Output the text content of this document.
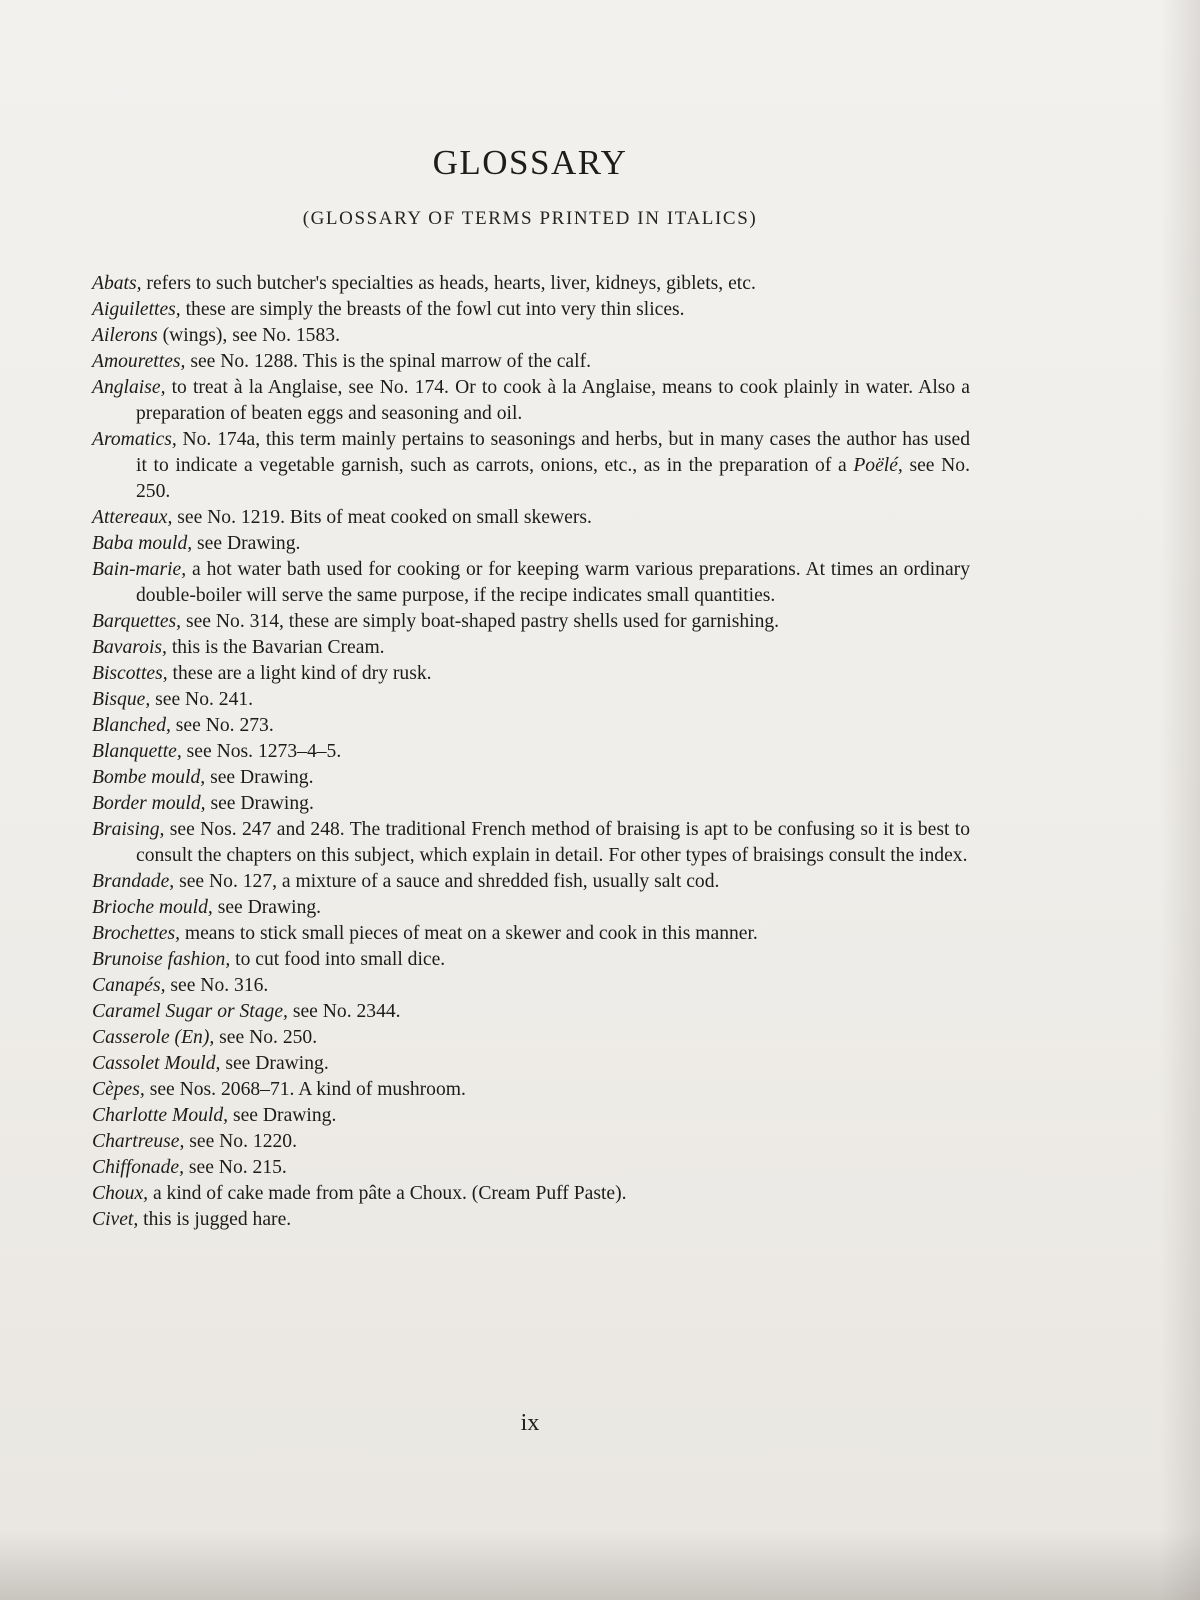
GLOSSARY
(GLOSSARY OF TERMS PRINTED IN ITALICS)

Abats, refers to such butcher's specialties as heads, hearts, liver, kidneys, giblets, etc.

Aiguilettes, these are simply the breasts of the fowl cut into very thin slices.

Ailerons (wings), see No. 1583.

Amourettes, see No. 1288. This is the spinal marrow of the calf.

Anglaise, to treat à la Anglaise, see No. 174. Or to cook à la Anglaise, means to cook plainly in water. Also a preparation of beaten eggs and seasoning and oil.

Aromatics, No. 174a, this term mainly pertains to seasonings and herbs, but in many cases the author has used it to indicate a vegetable garnish, such as carrots, onions, etc., as in the preparation of a Poëlé, see No. 250.

Attereaux, see No. 1219. Bits of meat cooked on small skewers.

Baba mould, see Drawing.

Bain-marie, a hot water bath used for cooking or for keeping warm various preparations. At times an ordinary double-boiler will serve the same purpose, if the recipe indicates small quantities.

Barquettes, see No. 314, these are simply boat-shaped pastry shells used for garnishing.

Bavarois, this is the Bavarian Cream.

Biscottes, these are a light kind of dry rusk.

Bisque, see No. 241.

Blanched, see No. 273.

Blanquette, see Nos. 1273–4–5.

Bombe mould, see Drawing.

Border mould, see Drawing.

Braising, see Nos. 247 and 248. The traditional French method of braising is apt to be confusing so it is best to consult the chapters on this subject, which explain in detail. For other types of braisings consult the index.

Brandade, see No. 127, a mixture of a sauce and shredded fish, usually salt cod.

Brioche mould, see Drawing.

Brochettes, means to stick small pieces of meat on a skewer and cook in this manner.

Brunoise fashion, to cut food into small dice.

Canapés, see No. 316.

Caramel Sugar or Stage, see No. 2344.

Casserole (En), see No. 250.

Cassolet Mould, see Drawing.

Cèpes, see Nos. 2068–71. A kind of mushroom.

Charlotte Mould, see Drawing.

Chartreuse, see No. 1220.

Chiffonade, see No. 215.

Choux, a kind of cake made from pâte a Choux. (Cream Puff Paste).

Civet, this is jugged hare.

ix
